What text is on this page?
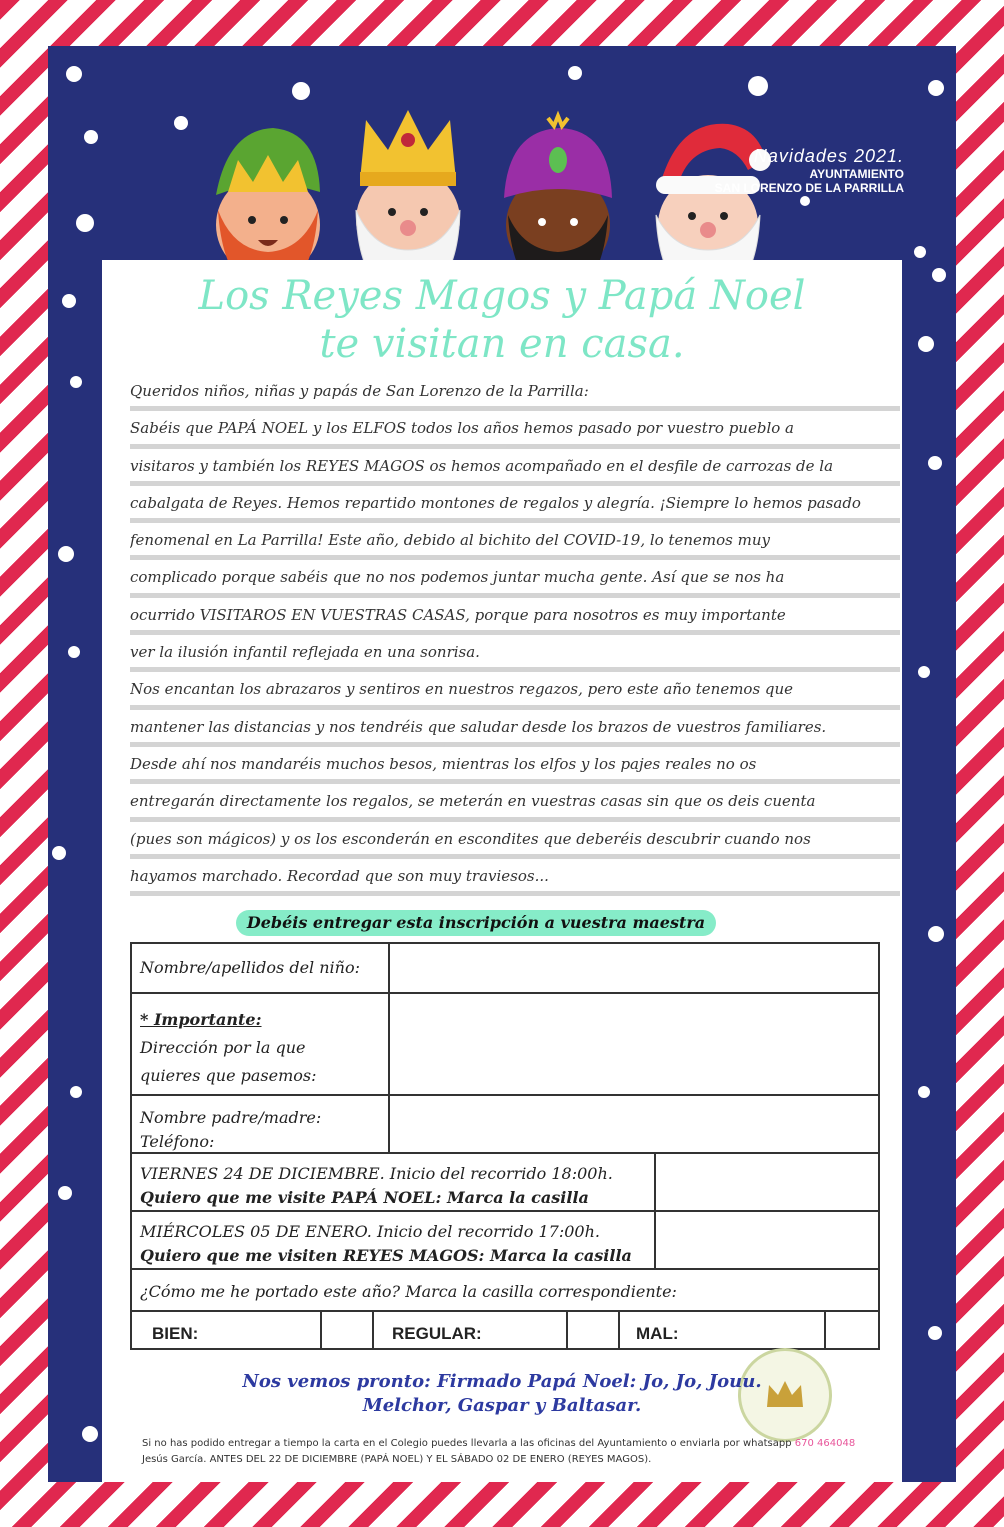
Navidades 2021.
AYUNTAMIENTO
SAN LORENZO DE LA PARRILLA
Los Reyes Magos y Papá Noel
te visitan en casa.
Queridos niños, niñas y papás de San Lorenzo de la Parrilla:
Sabéis que PAPÁ NOEL y los ELFOS todos los años hemos pasado por vuestro pueblo a
visitaros y también los REYES MAGOS os hemos acompañado en el desfile de carrozas de la
cabalgata de Reyes. Hemos repartido montones de regalos y alegría. ¡Siempre lo hemos pasado
fenomenal en La Parrilla! Este año, debido al bichito del COVID-19, lo tenemos muy
complicado porque sabéis que no nos podemos juntar mucha gente. Así que se nos ha
ocurrido VISITAROS EN VUESTRAS CASAS, porque para nosotros es muy importante
ver la ilusión infantil reflejada en una sonrisa.
Nos encantan los abrazaros y sentiros en nuestros regazos, pero este año tenemos que
mantener las distancias y nos tendréis que saludar desde los brazos de vuestros familiares.
Desde ahí nos mandaréis muchos besos, mientras los elfos y los pajes reales no os
entregarán directamente los regalos, se meterán en vuestras casas sin que os deis cuenta
(pues son mágicos) y os los esconderán en escondites que deberéis descubrir cuando nos
hayamos marchado. Recordad que son muy traviesos...
Debéis entregar esta inscripción a vuestra maestra
Nombre/apellidos del niño:
* Importante:
Dirección por la que
quieres que pasemos:
Nombre padre/madre:
Teléfono:
VIERNES 24 DE DICIEMBRE. Inicio del recorrido 18:00h.
Quiero que me visite PAPÁ NOEL: Marca la casilla
MIÉRCOLES 05 DE ENERO. Inicio del recorrido 17:00h.
Quiero que me visiten REYES MAGOS: Marca la casilla
¿Cómo me he portado este año? Marca la casilla correspondiente:
BIEN:	REGULAR:	MAL:
Nos vemos pronto: Firmado Papá Noel: Jo, Jo, Jouu.
Melchor, Gaspar y Baltasar.
Si no has podido entregar a tiempo la carta en el Colegio puedes llevarla a las oficinas del Ayuntamiento o enviarla por whatsapp 670 464048 Jesús García. ANTES DEL 22 DE DICIEMBRE (PAPÁ NOEL) Y EL SÁBADO 02 DE ENERO (REYES MAGOS).
